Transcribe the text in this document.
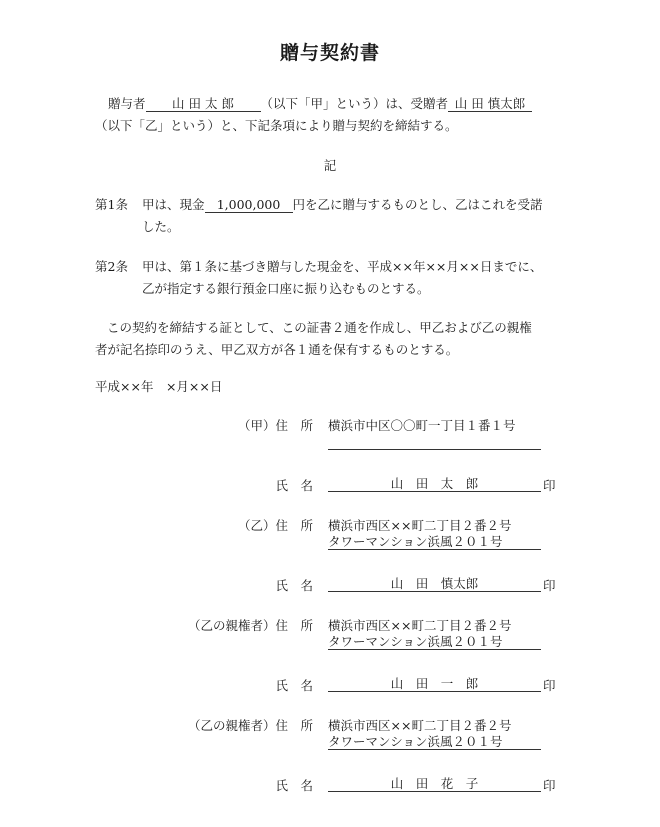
贈与契約書
贈与者 山 田 太 郎 （以下「甲」という）は、受贈者 山 田 慎太郎
（以下「乙」という）と、下記条項により贈与契約を締結する。
記
第1条 甲は、現金 1,000,000 円を乙に贈与するものとし、乙はこれを受諾
した。
第2条 甲は、第１条に基づき贈与した現金を、平成××年××月××日までに、
乙が指定する銀行預金口座に振り込むものとする。
この契約を締結する証として、この証書２通を作成し、甲乙および乙の親権
者が記名捺印のうえ、甲乙双方が各１通を保有するものとする。
平成××年　×月××日
（甲）住　所 横浜市中区〇〇町一丁目１番１号
氏　名	山　田　太　郎	印
（乙）住　所 横浜市西区××町二丁目２番２号
タワーマンション浜風２０１号
氏　名	山　田　慎太郎	印
（乙の親権者）住　所 横浜市西区××町二丁目２番２号
タワーマンション浜風２０１号
氏　名	山　田　一　郎	印
（乙の親権者）住　所 横浜市西区××町二丁目２番２号
タワーマンション浜風２０１号
氏　名	山　田　花　子	印
